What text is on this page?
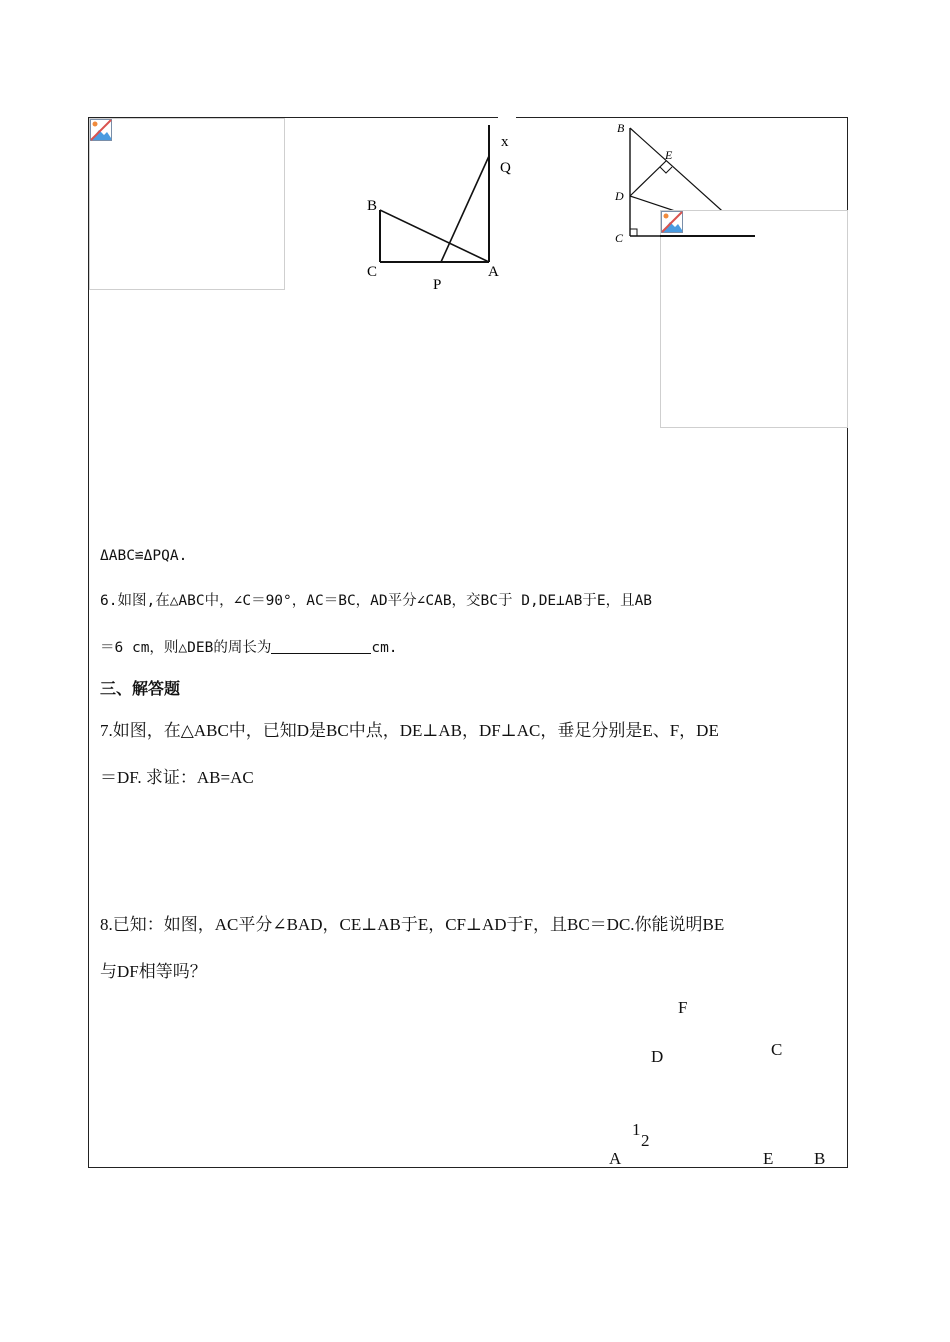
x
Q
B
C	A
P
B
E
D
C
ΔABC≌ΔPQA.
6.如图,在△ABC中，∠C＝90°，AC＝BC，AD平分∠CAB，交BC于 D,DE⊥AB于E，且AB
＝6 cm，则△DEB的周长为	cm.
三、解答题
7.如图，在△ABC中，已知D是BC中点，DE⊥AB，DF⊥AC，垂足分别是E、F，DE
＝DF. 求证：AB=AC
8.已知：如图，AC平分∠BAD，CE⊥AB于E，CF⊥AD于F，且BC＝DC.你能说明BE
与DF相等吗？
F
D	C
1
2
A	E B
